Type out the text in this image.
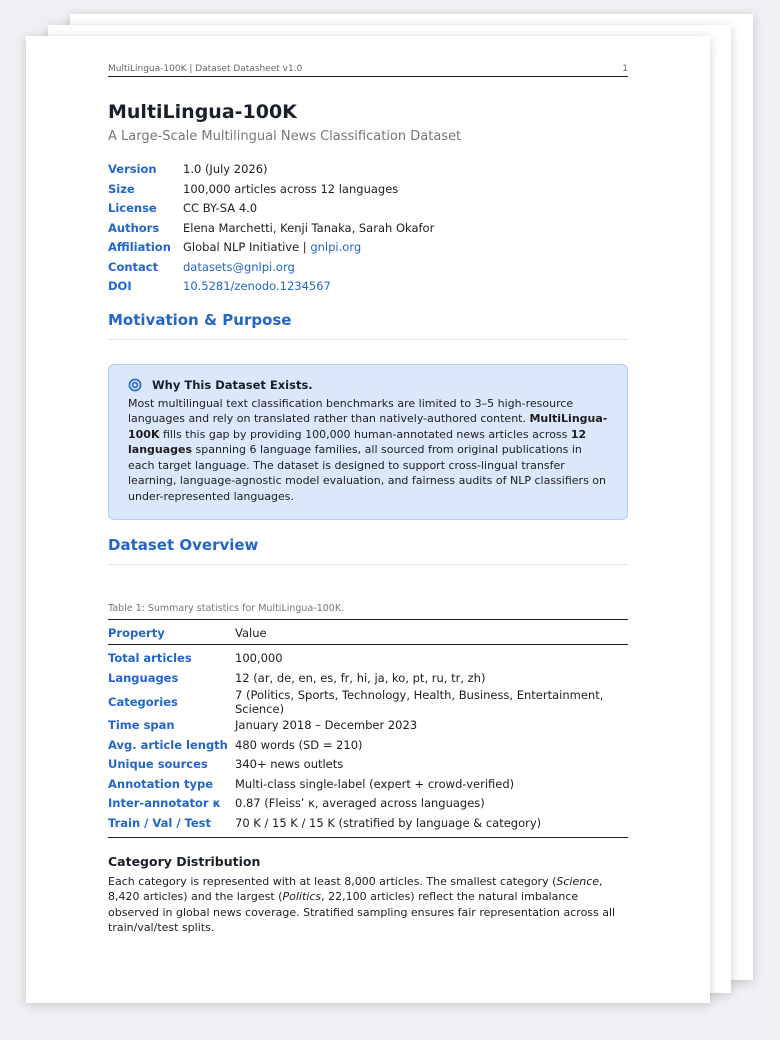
MultiLingua-100K | Dataset Datasheet v1.0	1
MultiLingua-100K
A Large-Scale Multilingual News Classification Dataset
Version	1.0 (July 2026)
Size	100,000 articles across 12 languages
License	CC BY-SA 4.0
Authors	Elena Marchetti, Kenji Tanaka, Sarah Okafor
Affiliation	Global NLP Initiative | gnlpi.org
Contact	datasets@gnlpi.org
DOI	10.5281/zenodo.1234567
Motivation & Purpose
Why This Dataset Exists.
Most multilingual text classification benchmarks are limited to 3–5 high-resource languages and rely on translated rather than natively-authored content. MultiLingua-100K fills this gap by providing 100,000 human-annotated news articles across 12 languages spanning 6 language families, all sourced from original publications in each target language. The dataset is designed to support cross-lingual transfer learning, language-agnostic model evaluation, and fairness audits of NLP classifiers on under-represented languages.
Dataset Overview
Table 1: Summary statistics for MultiLingua-100K.
Property	Value
Total articles	100,000
Languages	12 (ar, de, en, es, fr, hi, ja, ko, pt, ru, tr, zh)
Categories	7 (Politics, Sports, Technology, Health, Business, Entertainment, Science)
Time span	January 2018 – December 2023
Avg. article length	480 words (SD = 210)
Unique sources	340+ news outlets
Annotation type	Multi-class single-label (expert + crowd-verified)
Inter-annotator κ	0.87 (Fleiss’ κ, averaged across languages)
Train / Val / Test	70 K / 15 K / 15 K (stratified by language & category)
Category Distribution
Each category is represented with at least 8,000 articles. The smallest category (Science, 8,420 articles) and the largest (Politics, 22,100 articles) reflect the natural imbalance observed in global news coverage. Stratified sampling ensures fair representation across all train/val/test splits.
